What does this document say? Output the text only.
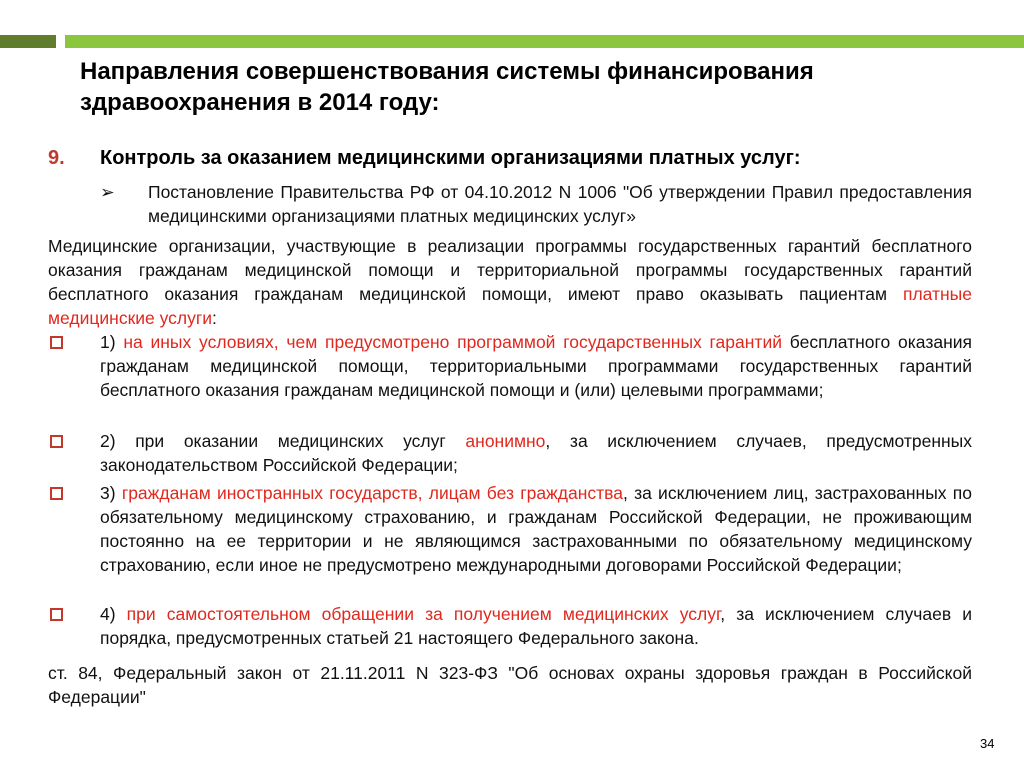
Направления совершенствования системы финансирования здравоохранения в 2014 году:
9. Контроль за оказанием медицинскими организациями платных услуг:
➢ Постановление Правительства РФ от 04.10.2012 N 1006 "Об утверждении Правил предоставления медицинскими организациями платных медицинских услуг»
Медицинские организации, участвующие в реализации программы государственных гарантий бесплатного оказания гражданам медицинской помощи и территориальной программы государственных гарантий бесплатного оказания гражданам медицинской помощи, имеют право оказывать пациентам платные медицинские услуги:
1) на иных условиях, чем предусмотрено программой государственных гарантий бесплатного оказания гражданам медицинской помощи, территориальными программами государственных гарантий бесплатного оказания гражданам медицинской помощи и (или) целевыми программами;
2) при оказании медицинских услуг анонимно, за исключением случаев, предусмотренных законодательством Российской Федерации;
3) гражданам иностранных государств, лицам без гражданства, за исключением лиц, застрахованных по обязательному медицинскому страхованию, и гражданам Российской Федерации, не проживающим постоянно на ее территории и не являющимся застрахованными по обязательному медицинскому страхованию, если иное не предусмотрено международными договорами Российской Федерации;
4) при самостоятельном обращении за получением медицинских услуг, за исключением случаев и порядка, предусмотренных статьей 21 настоящего Федерального закона.
ст. 84, Федеральный закон от 21.11.2011 N 323-ФЗ "Об основах охраны здоровья граждан в Российской Федерации"
34
